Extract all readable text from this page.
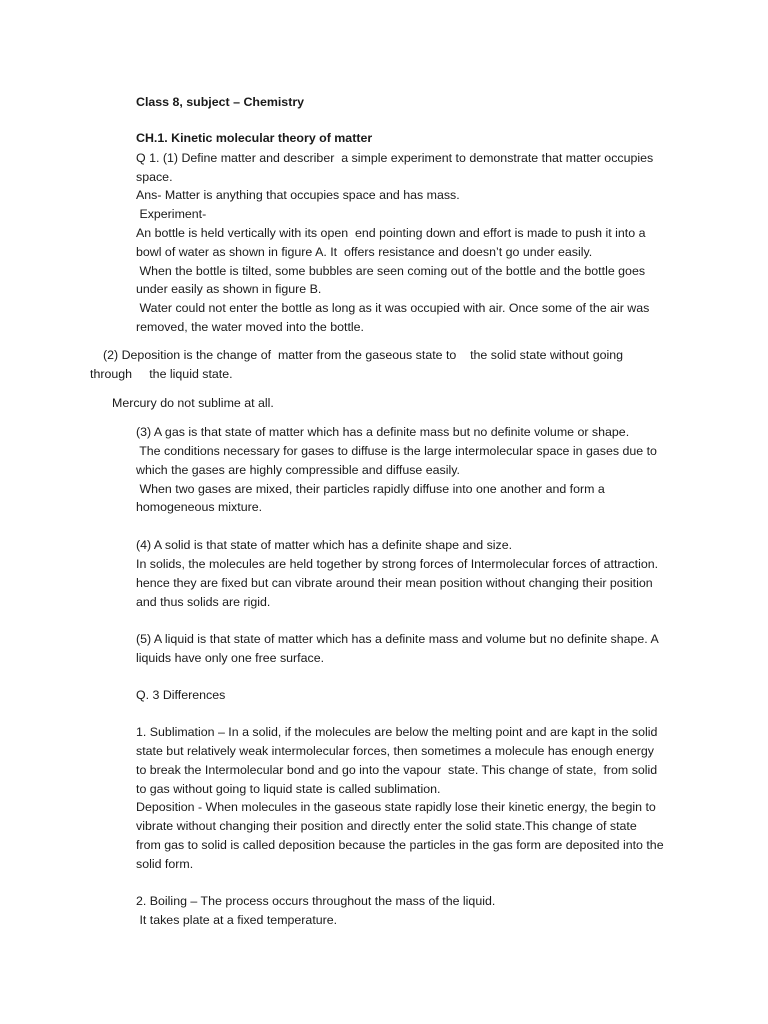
Class 8, subject – Chemistry
CH.1. Kinetic molecular theory of matter
Q 1. (1) Define matter and describer  a simple experiment to demonstrate that matter occupies
space.
Ans- Matter is anything that occupies space and has mass.
Experiment-
An bottle is held vertically with its open  end pointing down and effort is made to push it into a
bowl of water as shown in figure A. It  offers resistance and doesn’t go under easily.
When the bottle is tilted, some bubbles are seen coming out of the bottle and the bottle goes
under easily as shown in figure B.
Water could not enter the bottle as long as it was occupied with air. Once some of the air was
removed, the water moved into the bottle.
(2) Deposition is the change of  matter from the gaseous state to    the solid state without going
through     the liquid state.
Mercury do not sublime at all.
(3) A gas is that state of matter which has a definite mass but no definite volume or shape.
The conditions necessary for gases to diffuse is the large intermolecular space in gases due to
which the gases are highly compressible and diffuse easily.
When two gases are mixed, their particles rapidly diffuse into one another and form a
homogeneous mixture.
(4) A solid is that state of matter which has a definite shape and size.
In solids, the molecules are held together by strong forces of Intermolecular forces of attraction.
hence they are fixed but can vibrate around their mean position without changing their position
and thus solids are rigid.
(5) A liquid is that state of matter which has a definite mass and volume but no definite shape. A
liquids have only one free surface.
Q. 3 Differences
1. Sublimation – In a solid, if the molecules are below the melting point and are kapt in the solid
state but relatively weak intermolecular forces, then sometimes a molecule has enough energy
to break the Intermolecular bond and go into the vapour  state. This change of state,  from solid
to gas without going to liquid state is called sublimation.
Deposition - When molecules in the gaseous state rapidly lose their kinetic energy, the begin to
vibrate without changing their position and directly enter the solid state.This change of state
from gas to solid is called deposition because the particles in the gas form are deposited into the
solid form.
2. Boiling – The process occurs throughout the mass of the liquid.
It takes plate at a fixed temperature.
